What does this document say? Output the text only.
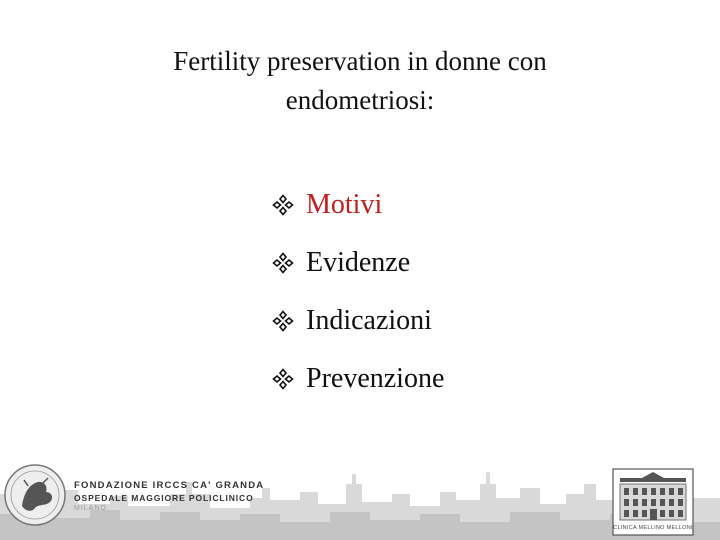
Fertility preservation in donne con
endometriosi:
Motivi
Evidenze
Indicazioni
Prevenzione
FONDAZIONE IRCCS CA' GRANDA
OSPEDALE MAGGIORE POLICLINICO
MILANO
CLINICA MELLINO MELLONI
